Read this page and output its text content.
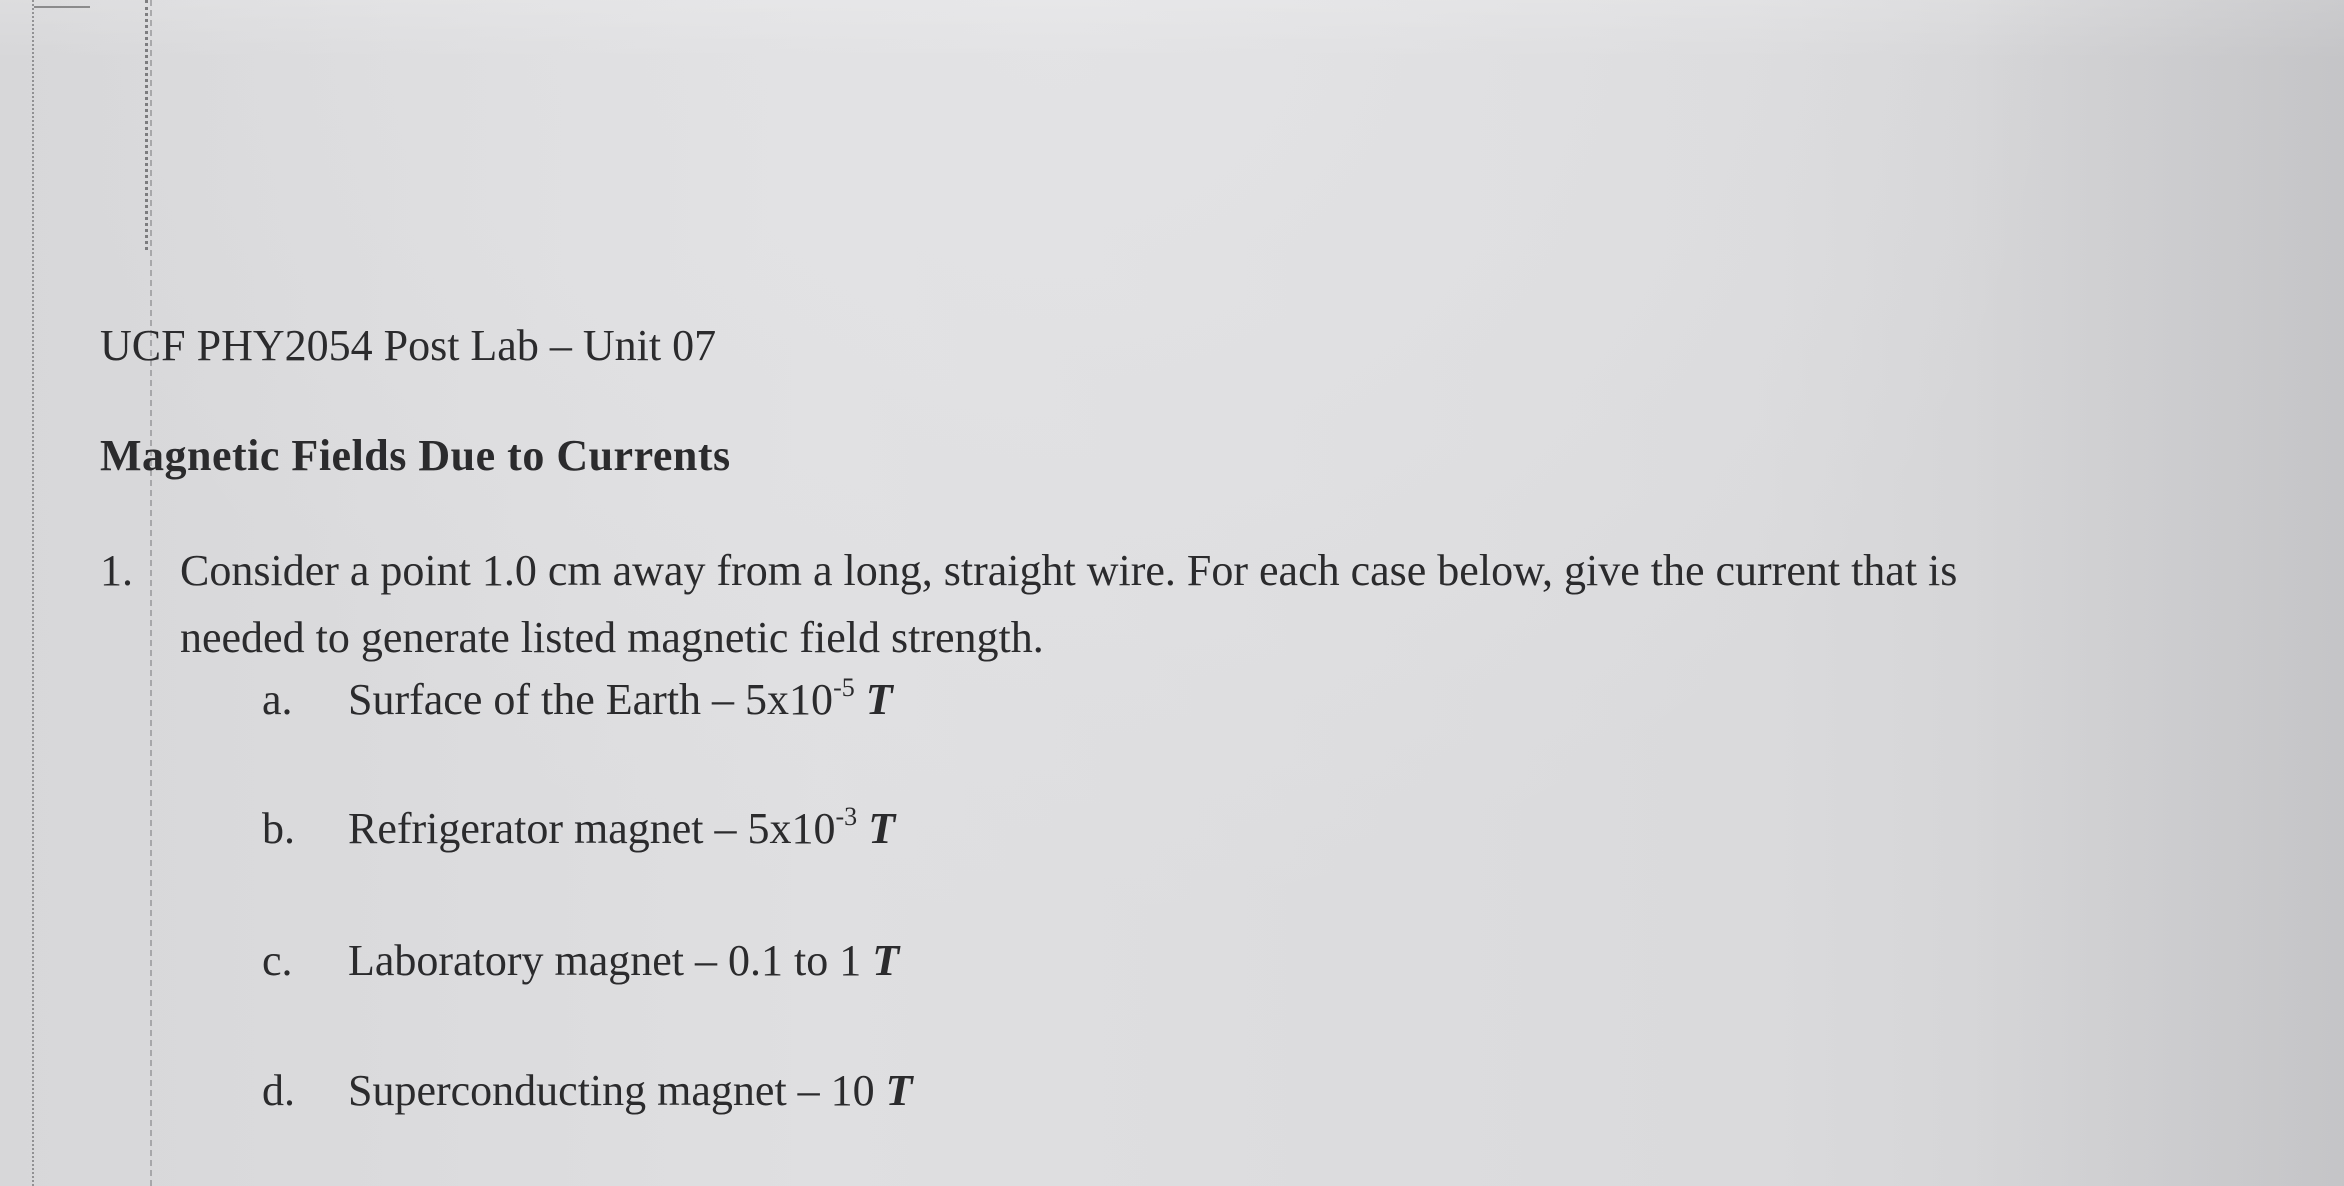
UCF PHY2054 Post Lab – Unit 07
Magnetic Fields Due to Currents
1. Consider a point 1.0 cm away from a long, straight wire. For each case below, give the current that is
needed to generate listed magnetic field strength.
a. Surface of the Earth – $5x10^{-5}$ T
b. Refrigerator magnet – $5x10^{-3}$ T
c. Laboratory magnet – 0.1 to 1 T
d. Superconducting magnet – 10 T
